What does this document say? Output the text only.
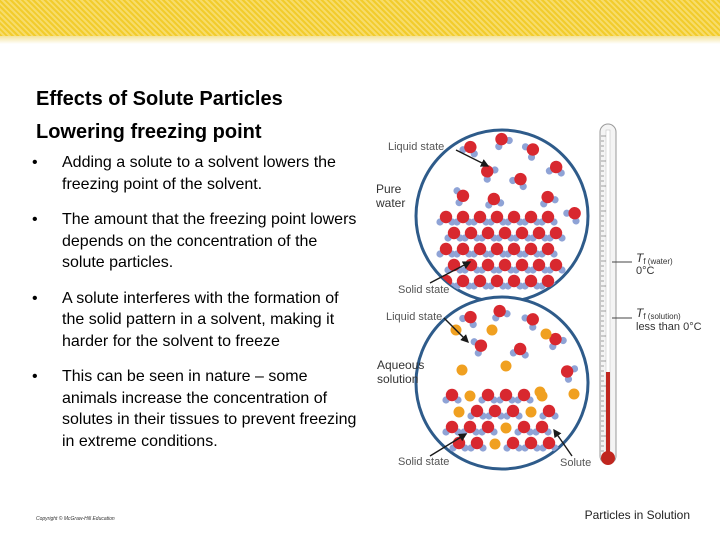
Effects of Solute Particles
Lowering freezing point
• Adding a solute to a solvent lowers the freezing point of the solvent.
• The amount that the freezing point lowers depends on the concentration of the solute particles.
• A solute interferes with the formation of the solid pattern in a solvent, making it harder for the solvent to freeze
• This can be seen in nature – some animals increase the concentration of solutes in their tissues to prevent freezing in extreme conditions.
Liquid state
Pure
water
Solid state
Liquid state
Aqueous
solution
Solid state	Solute
Tf (water)
0°C
Tf (solution)
less than 0°C
Copyright © McGraw-Hill Education	Particles in Solution
